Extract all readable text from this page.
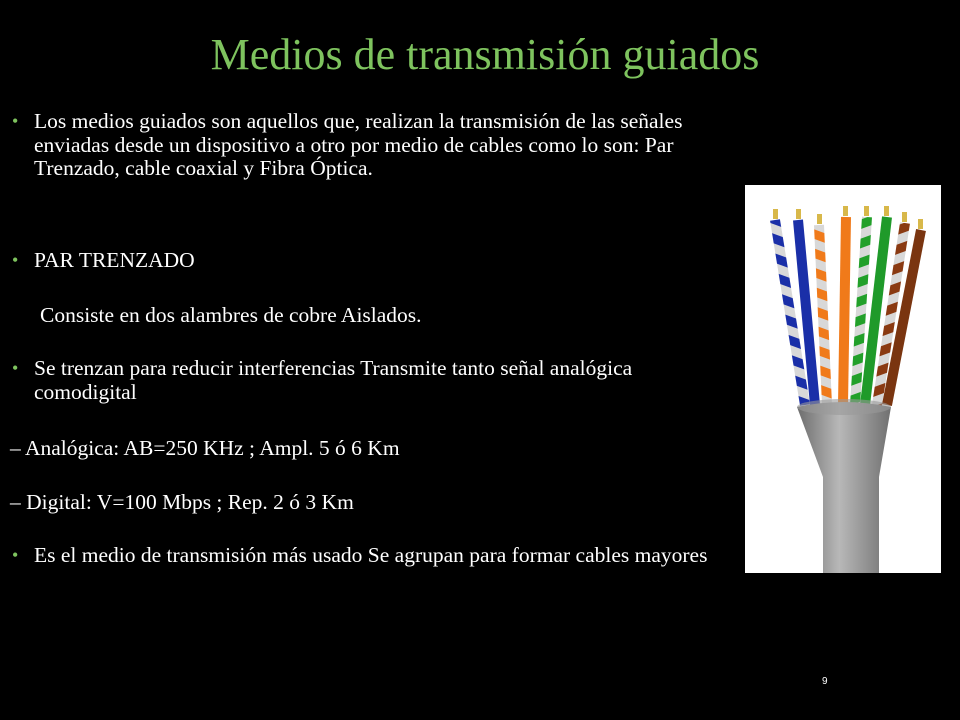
Medios de transmisión guiados
• Los medios guiados son aquellos que, realizan la transmisión de las señales enviadas desde un dispositivo a otro por medio de cables como lo son: Par Trenzado, cable coaxial y Fibra Óptica.
• PAR TRENZADO
Consiste en dos alambres de cobre Aislados.
• Se trenzan para reducir interferencias Transmite tanto señal analógica comodigital
– Analógica: AB=250 KHz ; Ampl. 5 ó 6 Km
– Digital: V=100 Mbps ; Rep. 2 ó 3 Km
• Es el medio de transmisión más usado Se agrupan para formar cables mayores
9
